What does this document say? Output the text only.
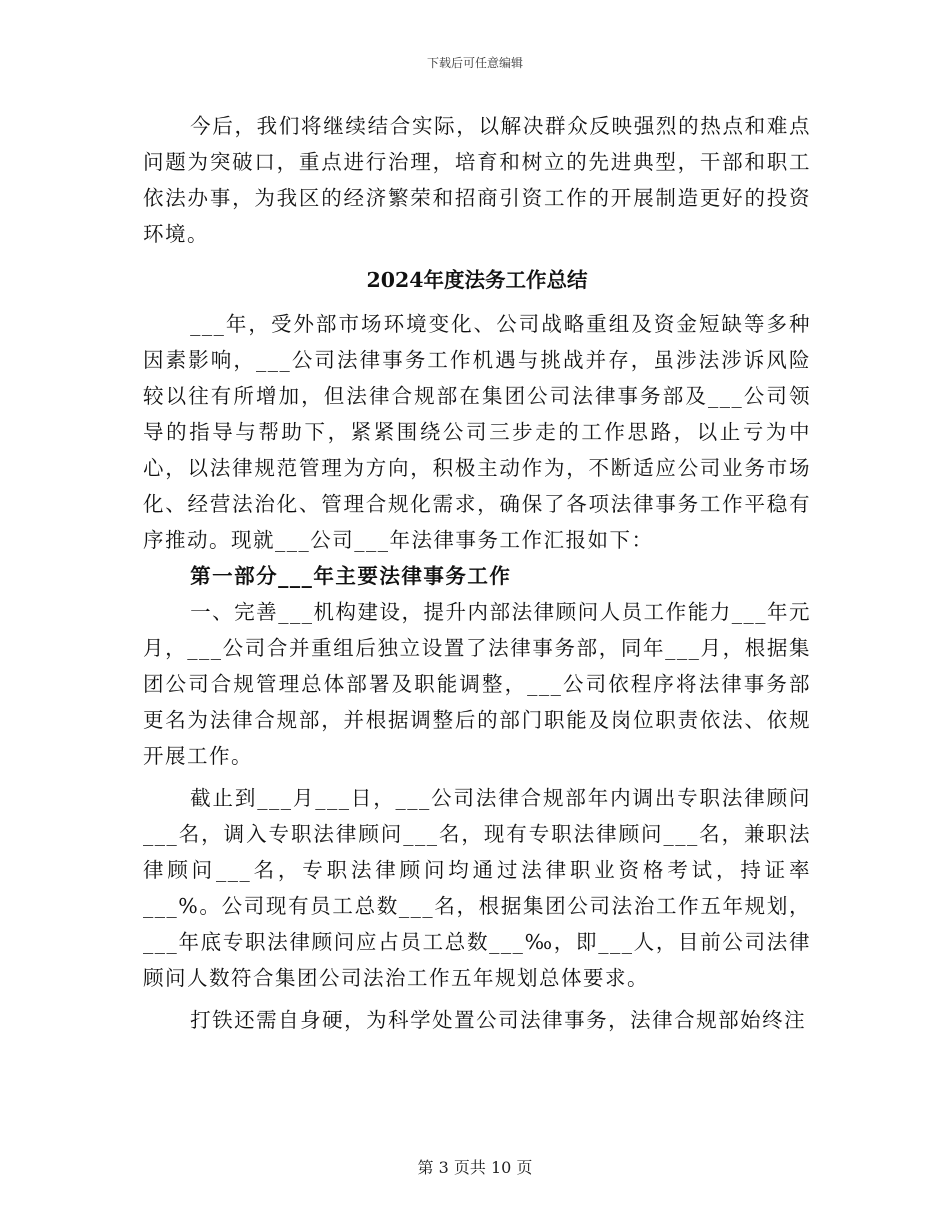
下载后可任意编辑

今后，我们将继续结合实际，以解决群众反映强烈的热点和难点问题为突破口，重点进行治理，培育和树立的先进典型，干部和职工依法办事，为我区的经济繁荣和招商引资工作的开展制造更好的投资环境。

2024年度法务工作总结

___年，受外部市场环境变化、公司战略重组及资金短缺等多种因素影响，___公司法律事务工作机遇与挑战并存，虽涉法涉诉风险较以往有所增加，但法律合规部在集团公司法律事务部及___公司领导的指导与帮助下，紧紧围绕公司三步走的工作思路，以止亏为中心，以法律规范管理为方向，积极主动作为，不断适应公司业务市场化、经营法治化、管理合规化需求，确保了各项法律事务工作平稳有序推动。现就___公司___年法律事务工作汇报如下：

第一部分___年主要法律事务工作

一、完善___机构建设，提升内部法律顾问人员工作能力___年元月，___公司合并重组后独立设置了法律事务部，同年___月，根据集团公司合规管理总体部署及职能调整，___公司依程序将法律事务部更名为法律合规部，并根据调整后的部门职能及岗位职责依法、依规开展工作。

截止到___月___日，___公司法律合规部年内调出专职法律顾问___名，调入专职法律顾问___名，现有专职法律顾问___名，兼职法律顾问___名，专职法律顾问均通过法律职业资格考试，持证率___%。公司现有员工总数___名，根据集团公司法治工作五年规划，___年底专职法律顾问应占员工总数___‰，即___人，目前公司法律顾问人数符合集团公司法治工作五年规划总体要求。

打铁还需自身硬，为科学处置公司法律事务，法律合规部始终注

第 3 页共 10 页
